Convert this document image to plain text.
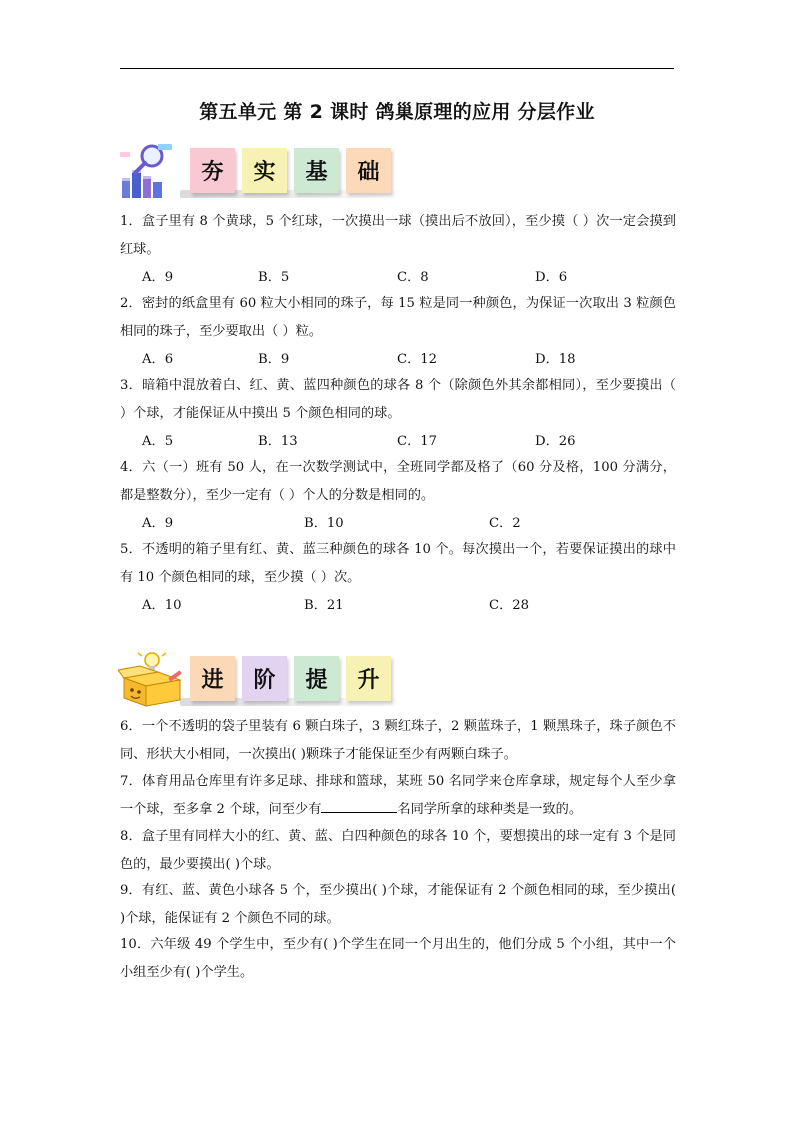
第五单元 第 2 课时 鸽巢原理的应用 分层作业
夯	实	基	础
1．盒子里有 8 个黄球，5 个红球，一次摸出一球（摸出后不放回），至少摸（ ）次一定会摸到红球。
A．9	B．5	C．8	D．6
2．密封的纸盒里有 60 粒大小相同的珠子，每 15 粒是同一种颜色，为保证一次取出 3 粒颜色相同的珠子，至少要取出（ ）粒。
A．6	B．9	C．12	D．18
3．暗箱中混放着白、红、黄、蓝四种颜色的球各 8 个（除颜色外其余都相同），至少要摸出（ ）个球，才能保证从中摸出 5 个颜色相同的球。
A．5	B．13	C．17	D．26
4．六（一）班有 50 人，在一次数学测试中，全班同学都及格了（60 分及格，100 分满分，都是整数分），至少一定有（ ）个人的分数是相同的。
A．9	B．10	C．2
5．不透明的箱子里有红、黄、蓝三种颜色的球各 10 个。每次摸出一个，若要保证摸出的球中有 10 个颜色相同的球，至少摸（ ）次。
A．10	B．21	C．28
进	阶	提	升
6．一个不透明的袋子里装有 6 颗白珠子，3 颗红珠子，2 颗蓝珠子，1 颗黑珠子，珠子颜色不同、形状大小相同，一次摸出( )颗珠子才能保证至少有两颗白珠子。
7．体育用品仓库里有许多足球、排球和篮球，某班 50 名同学来仓库拿球，规定每个人至少拿一个球，至多拿 2 个球，问至少有	名同学所拿的球种类是一致的。
8．盒子里有同样大小的红、黄、蓝、白四种颜色的球各 10 个，要想摸出的球一定有 3 个是同色的，最少要摸出( )个球。
9．有红、蓝、黄色小球各 5 个，至少摸出( )个球，才能保证有 2 个颜色相同的球，至少摸出( )个球，能保证有 2 个颜色不同的球。
10．六年级 49 个学生中，至少有( )个学生在同一个月出生的，他们分成 5 个小组，其中一个小组至少有( )个学生。
